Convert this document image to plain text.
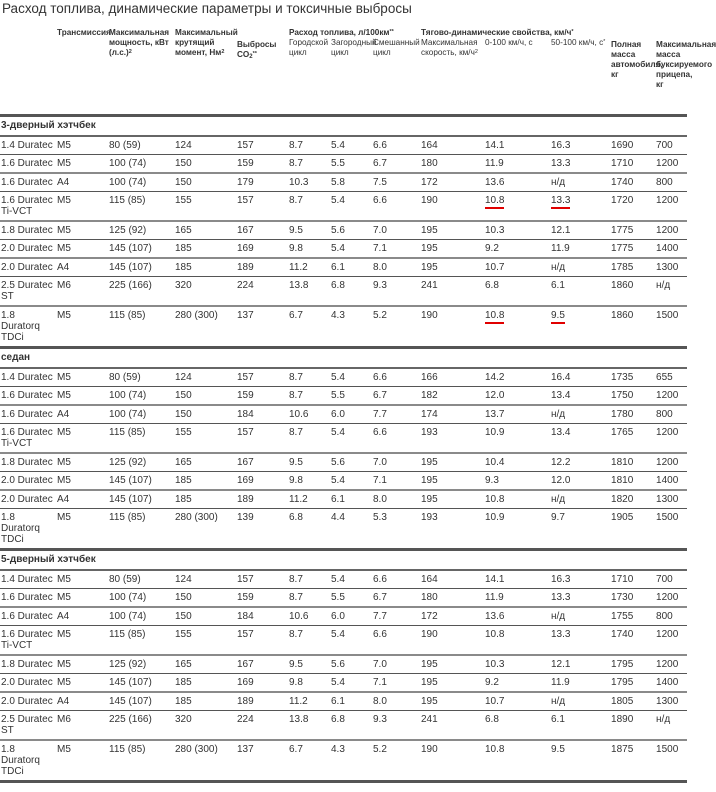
Расход топлива, динамические параметры и токсичные выбросы
	Трансмиссия	Максимальная мощность, кВт $(л.с.)^2$	Максимальный крутящий момент, $Нм^2$	Выбросы CO2**	Расход топлива, л/100км**			Тягово-динамические свойства, км/ч*			Полная масса автомобиля, кг	Максимальная масса буксируемого прицепа, кг
					Городской цикл	Загородный цикл	Смешанный цикл	Максимальная скорость, $км/ч^2$	0-100 км/ч, с	50-100 км/ч, с*

3-дверный хэтчбек												
1.4 Duratec	M5	80 (59)	124	157	8.7	5.4	6.6	164	14.1	16.3	1690	700
1.6 Duratec	M5	100 (74)	150	159	8.7	5.5	6.7	180	11.9	13.3	1710	1200
1.6 Duratec	A4	100 (74)	150	179	10.3	5.8	7.5	172	13.6	н/д	1740	800
1.6 Duratec Ti-VCT	M5	115 (85)	155	157	8.7	5.4	6.6	190	10.8	13.3	1720	1200
1.8 Duratec	M5	125 (92)	165	167	9.5	5.6	7.0	195	10.3	12.1	1775	1200
2.0 Duratec	M5	145 (107)	185	169	9.8	5.4	7.1	195	9.2	11.9	1775	1400
2.0 Duratec	A4	145 (107)	185	189	11.2	6.1	8.0	195	10.7	н/д	1785	1300
2.5 Duratec ST	M6	225 (166)	320	224	13.8	6.8	9.3	241	6.8	6.1	1860	н/д
1.8 Duratorq TDCi	M5	115 (85)	280 (300)	137	6.7	4.3	5.2	190	10.8	9.5	1860	1500
седан												
1.4 Duratec	M5	80 (59)	124	157	8.7	5.4	6.6	166	14.2	16.4	1735	655
1.6 Duratec	M5	100 (74)	150	159	8.7	5.5	6.7	182	12.0	13.4	1750	1200
1.6 Duratec	A4	100 (74)	150	184	10.6	6.0	7.7	174	13.7	н/д	1780	800
1.6 Duratec Ti-VCT	M5	115 (85)	155	157	8.7	5.4	6.6	193	10.9	13.4	1765	1200
1.8 Duratec	M5	125 (92)	165	167	9.5	5.6	7.0	195	10.4	12.2	1810	1200
2.0 Duratec	M5	145 (107)	185	169	9.8	5.4	7.1	195	9.3	12.0	1810	1400
2.0 Duratec	A4	145 (107)	185	189	11.2	6.1	8.0	195	10.8	н/д	1820	1300
1.8 Duratorq TDCi	M5	115 (85)	280 (300)	139	6.8	4.4	5.3	193	10.9	9.7	1905	1500
5-дверный хэтчбек												
1.4 Duratec	M5	80 (59)	124	157	8.7	5.4	6.6	164	14.1	16.3	1710	700
1.6 Duratec	M5	100 (74)	150	159	8.7	5.5	6.7	180	11.9	13.3	1730	1200
1.6 Duratec	A4	100 (74)	150	184	10.6	6.0	7.7	172	13.6	н/д	1755	800
1.6 Duratec Ti-VCT	M5	115 (85)	155	157	8.7	5.4	6.6	190	10.8	13.3	1740	1200
1.8 Duratec	M5	125 (92)	165	167	9.5	5.6	7.0	195	10.3	12.1	1795	1200
2.0 Duratec	M5	145 (107)	185	169	9.8	5.4	7.1	195	9.2	11.9	1795	1400
2.0 Duratec	A4	145 (107)	185	189	11.2	6.1	8.0	195	10.7	н/д	1805	1300
2.5 Duratec ST	M6	225 (166)	320	224	13.8	6.8	9.3	241	6.8	6.1	1890	н/д
1.8 Duratorq TDCi	M5	115 (85)	280 (300)	137	6.7	4.3	5.2	190	10.8	9.5	1875	1500
